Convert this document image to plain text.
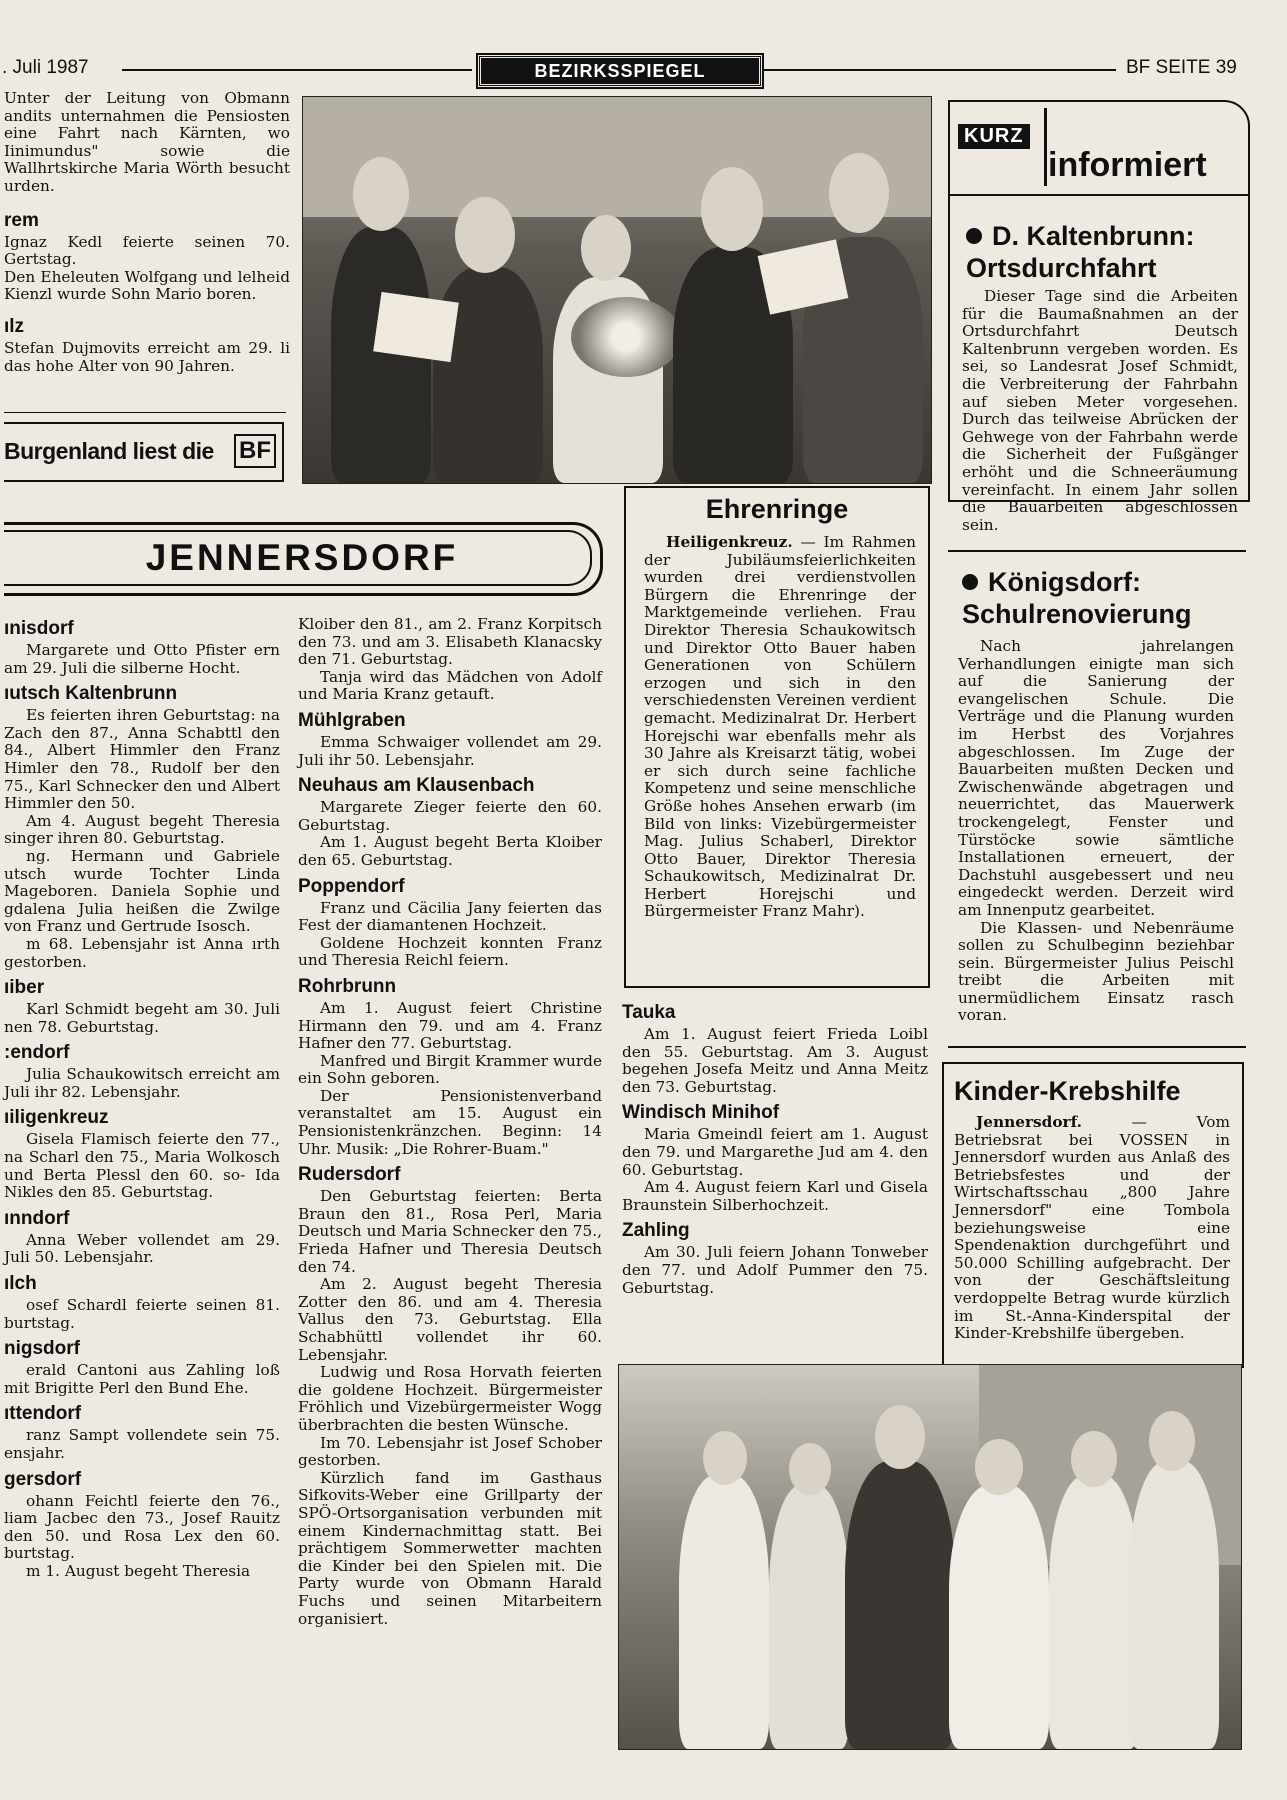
. Juli 1987	BEZIRKSSPIEGEL	BF SEITE 39

Unter der Leitung von Obmann andits unternahmen die Pensiosten eine Fahrt nach Kärnten, wo Iinimundus" sowie die Wallhrtskirche Maria Wörth besucht urden.

rem

Ignaz Kedl feierte seinen 70. Gertstag.

Den Eheleuten Wolfgang und lelheid Kienzl wurde Sohn Mario boren.

ılz

Stefan Dujmovits erreicht am 29. li das hohe Alter von 90 Jahren.

Burgenland liest die BF
KURZ
informiert
D. Kaltenbrunn: Ortsdurchfahrt

Dieser Tage sind die Arbeiten für die Baumaßnahmen an der Ortsdurchfahrt Deutsch Kaltenbrunn vergeben worden. Es sei, so Landesrat Josef Schmidt, die Verbreiterung der Fahrbahn auf sieben Meter vorgesehen. Durch das teilweise Abrücken der Gehwege von der Fahrbahn werde die Sicherheit der Fußgänger erhöht und die Schneeräumung vereinfacht. In einem Jahr sollen die Bauarbeiten abgeschlossen sein.

Königsdorf: Schulrenovierung

Nach jahrelangen Verhandlungen einigte man sich auf die Sanierung der evangelischen Schule. Die Verträge und die Planung wurden im Herbst des Vorjahres abgeschlossen. Im Zuge der Bauarbeiten mußten Decken und Zwischenwände abgetragen und neuerrichtet, das Mauerwerk trockengelegt, Fenster und Türstöcke sowie sämtliche Installationen erneuert, der Dachstuhl ausgebessert und neu eingedeckt werden. Derzeit wird am Innenputz gearbeitet.

Die Klassen- und Nebenräume sollen zu Schulbeginn beziehbar sein. Bürgermeister Julius Peischl treibt die Arbeiten mit unermüdlichem Einsatz rasch voran.

Ehrenringe

Heiligenkreuz. — Im Rahmen der Jubiläumsfeierlichkeiten wurden drei verdienstvollen Bürgern die Ehrenringe der Marktgemeinde verliehen. Frau Direktor Theresia Schaukowitsch und Direktor Otto Bauer haben Generationen von Schülern erzogen und sich in den verschiedensten Vereinen verdient gemacht. Medizinalrat Dr. Herbert Horejschi war ebenfalls mehr als 30 Jahre als Kreisarzt tätig, wobei er sich durch seine fachliche Kompetenz und seine menschliche Größe hohes Ansehen erwarb (im Bild von links: Vizebürgermeister Mag. Julius Schaberl, Direktor Otto Bauer, Direktor Theresia Schaukowitsch, Medizinalrat Dr. Herbert Horejschi und Bürgermeister Franz Mahr).

JENNERSDORF
ınisdorf

Margarete und Otto Pfister ern am 29. Juli die silberne Hocht.

ıutsch Kaltenbrunn

Es feierten ihren Geburtstag: na Zach den 87., Anna Schabttl den 84., Albert Himmler den Franz Himler den 78., Rudolf ber den 75., Karl Schnecker den und Albert Himmler den 50.

Am 4. August begeht Theresia singer ihren 80. Geburtstag.

ng. Hermann und Gabriele utsch wurde Tochter Linda Mageboren. Daniela Sophie und gdalena Julia heißen die Zwilge von Franz und Gertrude Isosch.

m 68. Lebensjahr ist Anna ırth gestorben.

ıiber

Karl Schmidt begeht am 30. Juli nen 78. Geburtstag.

:endorf

Julia Schaukowitsch erreicht am Juli ihr 82. Lebensjahr.

ıiligenkreuz

Gisela Flamisch feierte den 77., na Scharl den 75., Maria Wolkosch und Berta Plessl den 60. so- Ida Nikles den 85. Geburtstag.

ınndorf

Anna Weber vollendet am 29. Juli 50. Lebensjahr.

ılch

osef Schardl feierte seinen 81. burtstag.

nigsdorf

erald Cantoni aus Zahling loß mit Brigitte Perl den Bund Ehe.

ıttendorf

ranz Sampt vollendete sein 75. ensjahr.

gersdorf

ohann Feichtl feierte den 76., liam Jacbec den 73., Josef Rauitz den 50. und Rosa Lex den 60. burtstag.

m 1. August begeht Theresia

Kloiber den 81., am 2. Franz Korpitsch den 73. und am 3. Elisabeth Klanacsky den 71. Geburtstag.

Tanja wird das Mädchen von Adolf und Maria Kranz getauft.

Mühlgraben

Emma Schwaiger vollendet am 29. Juli ihr 50. Lebensjahr.

Neuhaus am Klausenbach

Margarete Zieger feierte den 60. Geburtstag.

Am 1. August begeht Berta Kloiber den 65. Geburtstag.

Poppendorf

Franz und Cäcilia Jany feierten das Fest der diamantenen Hochzeit.

Goldene Hochzeit konnten Franz und Theresia Reichl feiern.

Rohrbrunn

Am 1. August feiert Christine Hirmann den 79. und am 4. Franz Hafner den 77. Geburtstag.

Manfred und Birgit Krammer wurde ein Sohn geboren.

Der Pensionistenverband veranstaltet am 15. August ein Pensionistenkränzchen. Beginn: 14 Uhr. Musik: „Die Rohrer-Buam."

Rudersdorf

Den Geburtstag feierten: Berta Braun den 81., Rosa Perl, Maria Deutsch und Maria Schnecker den 75., Frieda Hafner und Theresia Deutsch den 74.

Am 2. August begeht Theresia Zotter den 86. und am 4. Theresia Vallus den 73. Geburtstag. Ella Schabhüttl vollendet ihr 60. Lebensjahr.

Ludwig und Rosa Horvath feierten die goldene Hochzeit. Bürgermeister Fröhlich und Vizebürgermeister Wogg überbrachten die besten Wünsche.

Im 70. Lebensjahr ist Josef Schober gestorben.

Kürzlich fand im Gasthaus Sifkovits-Weber eine Grillparty der SPÖ-Ortsorganisation verbunden mit einem Kindernachmittag statt. Bei prächtigem Sommerwetter machten die Kinder bei den Spielen mit. Die Party wurde von Obmann Harald Fuchs und seinen Mitarbeitern organisiert.

Tauka

Am 1. August feiert Frieda Loibl den 55. Geburtstag. Am 3. August begehen Josefa Meitz und Anna Meitz den 73. Geburtstag.

Windisch Minihof

Maria Gmeindl feiert am 1. August den 79. und Margarethe Jud am 4. den 60. Geburtstag.

Am 4. August feiern Karl und Gisela Braunstein Silberhochzeit.

Zahling

Am 30. Juli feiern Johann Tonweber den 77. und Adolf Pummer den 75. Geburtstag.

Kinder-Krebshilfe

Jennersdorf.	— Vom Betriebsrat bei VOSSEN in Jennersdorf wurden aus Anlaß des Betriebsfestes und der Wirtschaftsschau „800 Jahre Jennersdorf" eine Tombola beziehungsweise eine Spendenaktion durchgeführt und 50.000 Schilling aufgebracht. Der von der Geschäftsleitung verdoppelte Betrag wurde kürzlich im St.-Anna-Kinderspital der Kinder-Krebshilfe übergeben.
